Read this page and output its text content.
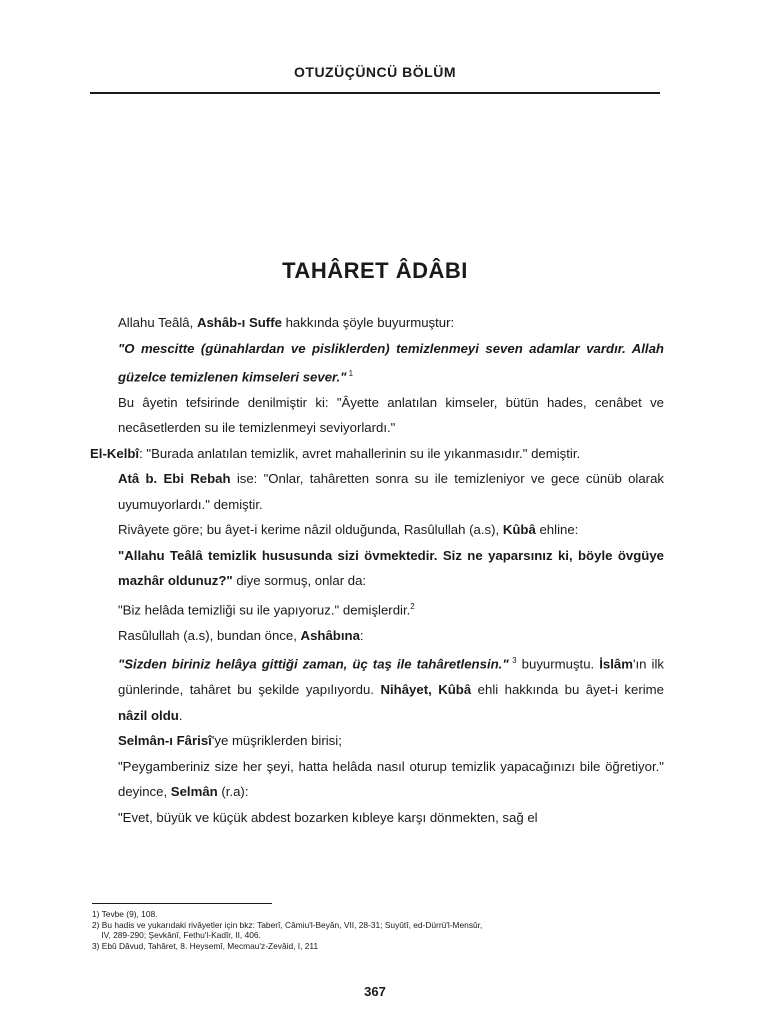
OTUZÜÇÜNCÜ BÖLÜM
TAHÂRET ÂDÂBI

Allahu Teâlâ, Ashâb-ı Suffe hakkında şöyle buyurmuştur:

"O mescitte (günahlardan ve pisliklerden) temizlenmeyi seven adamlar vardır. Allah güzelce temizlenen kimseleri sever." $^1$

Bu âyetin tefsirinde denilmiştir ki: "Âyette anlatılan kimseler, bütün hades, cenâbet ve necâsetlerden su ile temizlenmeyi seviyorlardı."

El-Kelbî: "Burada anlatılan temizlik, avret mahallerinin su ile yıkanmasıdır." demiştir.

Atâ b. Ebi Rebah ise: "Onlar, tahâretten sonra su ile temizleniyor ve gece cünüb olarak uyumuyorlardı." demiştir.

Rivâyete göre; bu âyet-i kerime nâzil olduğunda, Rasûlullah (a.s), Kûbâ ehline:

"Allahu Teâlâ temizlik hususunda sizi övmektedir. Siz ne yaparsınız ki, böyle övgüye mazhâr oldunuz?" diye sormuş, onlar da:

"Biz helâda temizliği su ile yapıyoruz." demişlerdir.$^2$

Rasûlullah (a.s), bundan önce, Ashâbına:

"Sizden biriniz helâya gittiği zaman, üç taş ile tahâretlensin." $^3$ buyurmuştu. İslâm'ın ilk günlerinde, tahâret bu şekilde yapılıyordu. Nihâyet, Kûbâ ehli hakkında bu âyet-i kerime nâzil oldu.

Selmân-ı Fârisî'ye müşriklerden birisi;

"Peygamberiniz size her şeyi, hatta helâda nasıl oturup temizlik yapacağınızı bile öğretiyor." deyince, Selmân (r.a):

"Evet, büyük ve küçük abdest bozarken kıbleye karşı dönmekten, sağ el

1) Tevbe (9), 108.
2) Bu hadis ve yukarıdaki rivâyetler için bkz: Taberî, Câmiu'l-Beyân, VII, 28-31; Suyûtî, ed-Dürrü'l-Mensûr,
IV, 289-290; Şevkânî, Fethu'l-Kadîr, II, 406.
3) Ebû Dâvud, Tahâret, 8. Heysemî, Mecmau'z-Zevâid, I, 211
367
